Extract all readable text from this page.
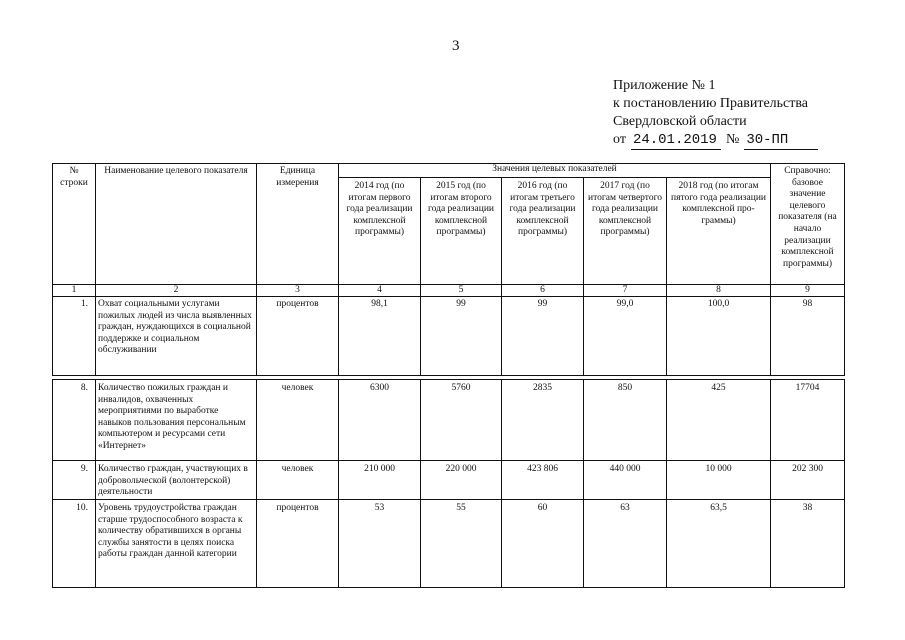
3
Приложение № 1
к постановлению Правительства
Свердловской области
от 24.01.2019 № 30-ПП
№ строки	Наименование целевого показателя	Единица измерения	Значения целевых показателей					Справочно: базовое значение целевого показателя (на начало реализации комплексной программы)
			2014 год (по итогам первого года реализации комплексной программы)	2015 год (по итогам второго года реализации комплексной программы)	2016 год (по итогам третьего года реализации комплексной программы)	2017 год (по итогам четвертого года реализации комплексной программы)	2018 год (по итогам пятого года реализации комплексной про-граммы)	
1	2	3	4	5	6	7	8	9
1.	Охват социальными услугами пожилых людей из числа выявленных граждан, нуждающихся в социальной поддержке и социальном обслуживании	процентов	98,1	99	99	99,0	100,0	98
8.	Количество пожилых граждан и инвалидов, охваченных мероприятиями по выработке навыков пользования персональным компьютером и ресурсами сети «Интернет»	человек	6300	5760	2835	850	425	17704
9.	Количество граждан, участвующих в добровольческой (волонтерской) деятельности	человек	210 000	220 000	423 806	440 000	10 000	202 300
10.	Уровень трудоустройства граждан старше трудоспособного возраста к количеству обратившихся в органы службы занятости в целях поиска работы граждан данной категории	процентов	53	55	60	63	63,5	38
